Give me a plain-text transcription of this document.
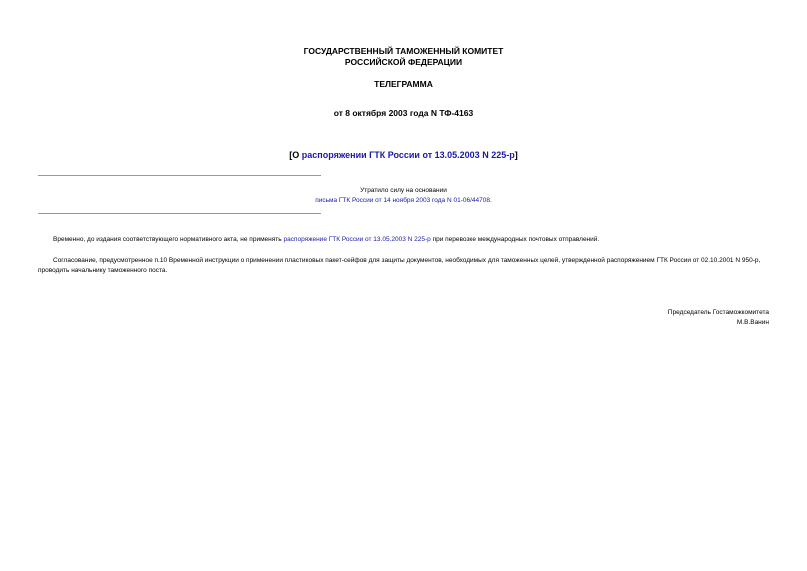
ГОСУДАРСТВЕННЫЙ ТАМОЖЕННЫЙ КОМИТЕТ
РОССИЙСКОЙ ФЕДЕРАЦИИ
ТЕЛЕГРАММА
от 8 октября 2003 года N ТФ-4163
[О распоряжении ГТК России от 13.05.2003 N 225-р]
Утратило силу на основании
письма ГТК России от 14 ноября 2003 года N 01-06/44708.
Временно, до издания соответствующего нормативного акта, не применять распоряжение ГТК России от 13.05.2003 N 225-р при перевозке международных почтовых отправлений.
Согласование, предусмотренное п.10 Временной инструкции о применении пластиковых пакет-сейфов для защиты документов, необходимых для таможенных целей, утвержденной распоряжением ГТК России от 02.10.2001 N 950-р, проводить начальнику таможенного поста.
Председатель Гостаможкомитета
М.В.Ванин
